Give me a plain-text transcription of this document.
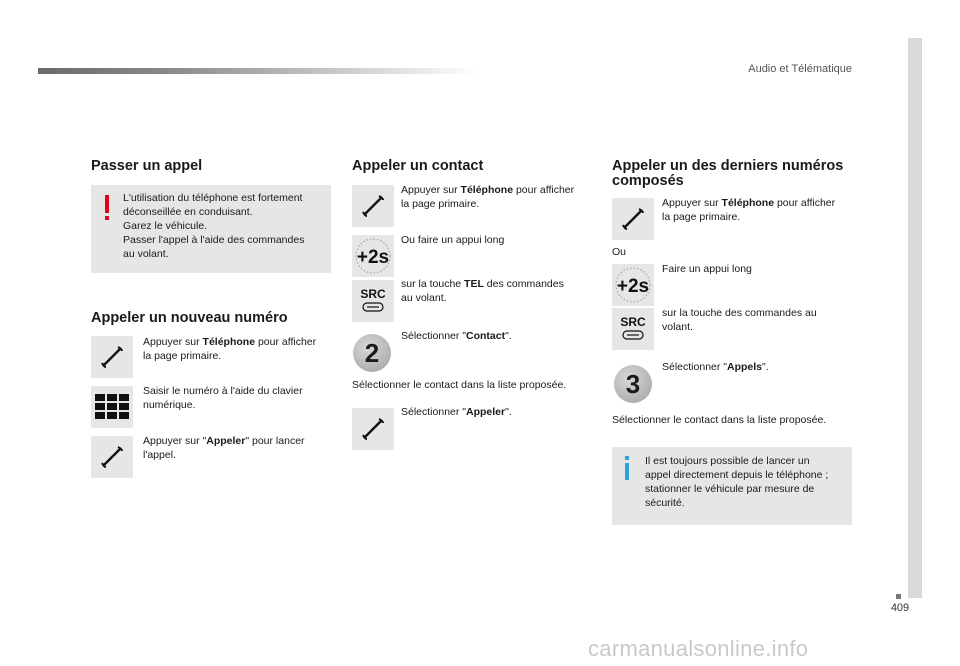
Audio et Télématique
409
Passer un appel
L'utilisation du téléphone est fortement
déconseillée en conduisant.
Garez le véhicule.
Passer l'appel à l'aide des commandes
au volant.
Appeler un nouveau numéro
Appuyer sur Téléphone pour afficher
la page primaire.
Saisir le numéro à l'aide du clavier
numérique.
Appuyer sur "Appeler" pour lancer
l'appel.
Appeler un contact
Appuyer sur Téléphone pour afficher
la page primaire.
+2s
Ou faire un appui long
SRC
sur la touche TEL des commandes
au volant.
2
Sélectionner "Contact".
Sélectionner le contact dans la liste proposée.
Sélectionner "Appeler".
Appeler un des derniers numéros
composés
Appuyer sur Téléphone pour afficher
la page primaire.
Ou
+2s
Faire un appui long
SRC
sur la touche des commandes au
volant.
3
Sélectionner "Appels".
Sélectionner le contact dans la liste proposée.
Il est toujours possible de lancer un
appel directement depuis le téléphone ;
stationner le véhicule par mesure de
sécurité.
carmanualsonline.info
